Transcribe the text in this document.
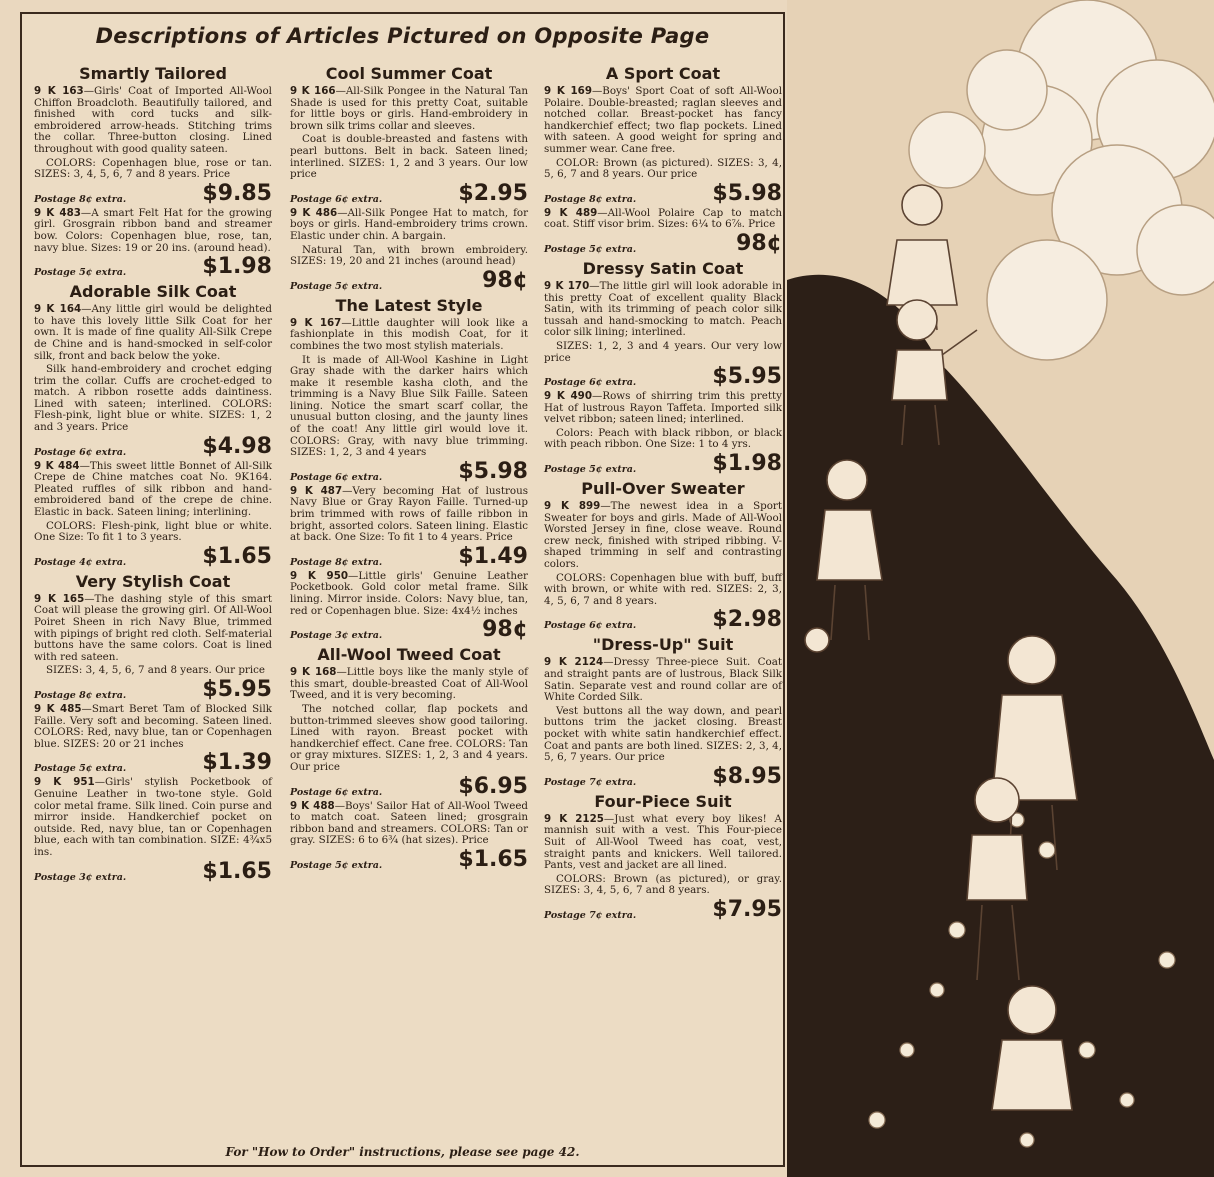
Descriptions of Articles Pictured on Opposite Page
Smartly Tailored
9 K 163—Girls' Coat of Imported All-Wool Chiffon Broadcloth. Beautifully tailored, and finished with cord tucks and silk-embroidered arrow-heads. Stitching trims the collar. Three-button closing. Lined throughout with good quality sateen.
COLORS: Copenhagen blue, rose or tan. SIZES: 3, 4, 5, 6, 7 and 8 years. Price
Postage 8¢ extra.	$9.85
9 K 483—A smart Felt Hat for the growing girl. Grosgrain ribbon band and streamer bow. Colors: Copenhagen blue, rose, tan, navy blue. Sizes: 19 or 20 ins. (around head).
Postage 5¢ extra.	$1.98
Adorable Silk Coat
9 K 164—Any little girl would be delighted to have this lovely little Silk Coat for her own. It is made of fine quality All-Silk Crepe de Chine and is hand-smocked in self-color silk, front and back below the yoke.
Silk hand-embroidery and crochet edging trim the collar. Cuffs are crochet-edged to match. A ribbon rosette adds daintiness. Lined with sateen; interlined. COLORS: Flesh-pink, light blue or white. SIZES: 1, 2 and 3 years. Price
Postage 6¢ extra.	$4.98
9 K 484—This sweet little Bonnet of All-Silk Crepe de Chine matches coat No. 9K164. Pleated ruffles of silk ribbon and hand-embroidered band of the crepe de chine. Elastic in back. Sateen lining; interlining.
COLORS: Flesh-pink, light blue or white. One Size: To fit 1 to 3 years.
Postage 4¢ extra.	$1.65
Very Stylish Coat
9 K 165—The dashing style of this smart Coat will please the growing girl. Of All-Wool Poiret Sheen in rich Navy Blue, trimmed with pipings of bright red cloth. Self-material buttons have the same colors. Coat is lined with red sateen.
SIZES: 3, 4, 5, 6, 7 and 8 years. Our price
Postage 8¢ extra.	$5.95
9 K 485—Smart Beret Tam of Blocked Silk Faille. Very soft and becoming. Sateen lined. COLORS: Red, navy blue, tan or Copenhagen blue. SIZES: 20 or 21 inches
Postage 5¢ extra.	$1.39
9 K 951—Girls' stylish Pocketbook of Genuine Leather in two-tone style. Gold color metal frame. Silk lined. Coin purse and mirror inside. Handkerchief pocket on outside. Red, navy blue, tan or Copenhagen blue, each with tan combination. SIZE: 4¾x5 ins.
Postage 3¢ extra.	$1.65
Cool Summer Coat
9 K 166—All-Silk Pongee in the Natural Tan Shade is used for this pretty Coat, suitable for little boys or girls. Hand-embroidery in brown silk trims collar and sleeves.
Coat is double-breasted and fastens with pearl buttons. Belt in back. Sateen lined; interlined. SIZES: 1, 2 and 3 years. Our low price
Postage 6¢ extra.	$2.95
9 K 486—All-Silk Pongee Hat to match, for boys or girls. Hand-embroidery trims crown. Elastic under chin. A bargain.
Natural Tan, with brown embroidery. SIZES: 19, 20 and 21 inches (around head)
Postage 5¢ extra.	98¢
The Latest Style
9 K 167—Little daughter will look like a fashionplate in this modish Coat, for it combines the two most stylish materials.
It is made of All-Wool Kashine in Light Gray shade with the darker hairs which make it resemble kasha cloth, and the trimming is a Navy Blue Silk Faille. Sateen lining. Notice the smart scarf collar, the unusual button closing, and the jaunty lines of the coat! Any little girl would love it. COLORS: Gray, with navy blue trimming. SIZES: 1, 2, 3 and 4 years
Postage 6¢ extra.	$5.98
9 K 487—Very becoming Hat of lustrous Navy Blue or Gray Rayon Faille. Turned-up brim trimmed with rows of faille ribbon in bright, assorted colors. Sateen lining. Elastic at back. One Size: To fit 1 to 4 years. Price
Postage 8¢ extra.	$1.49
9 K 950—Little girls' Genuine Leather Pocketbook. Gold color metal frame. Silk lining. Mirror inside. Colors: Navy blue, tan, red or Copenhagen blue. Size: 4x4½ inches
Postage 3¢ extra.	98¢
All-Wool Tweed Coat
9 K 168—Little boys like the manly style of this smart, double-breasted Coat of All-Wool Tweed, and it is very becoming.
The notched collar, flap pockets and button-trimmed sleeves show good tailoring. Lined with rayon. Breast pocket with handkerchief effect. Cane free. COLORS: Tan or gray mixtures. SIZES: 1, 2, 3 and 4 years. Our price
Postage 6¢ extra.	$6.95
9 K 488—Boys' Sailor Hat of All-Wool Tweed to match coat. Sateen lined; grosgrain ribbon band and streamers. COLORS: Tan or gray. SIZES: 6 to 6¾ (hat sizes). Price
Postage 5¢ extra.	$1.65
A Sport Coat
9 K 169—Boys' Sport Coat of soft All-Wool Polaire. Double-breasted; raglan sleeves and notched collar. Breast-pocket has fancy handkerchief effect; two flap pockets. Lined with sateen. A good weight for spring and summer wear. Cane free.
COLOR: Brown (as pictured). SIZES: 3, 4, 5, 6, 7 and 8 years. Our price
Postage 8¢ extra.	$5.98
9 K 489—All-Wool Polaire Cap to match coat. Stiff visor brim. Sizes: 6¼ to 6⅞. Price
Postage 5¢ extra.	98¢
Dressy Satin Coat
9 K 170—The little girl will look adorable in this pretty Coat of excellent quality Black Satin, with its trimming of peach color silk tussah and hand-smocking to match. Peach color silk lining; interlined.
SIZES: 1, 2, 3 and 4 years. Our very low price
Postage 6¢ extra.	$5.95
9 K 490—Rows of shirring trim this pretty Hat of lustrous Rayon Taffeta. Imported silk velvet ribbon; sateen lined; interlined.
Colors: Peach with black ribbon, or black with peach ribbon. One Size: 1 to 4 yrs.
Postage 5¢ extra.	$1.98
Pull-Over Sweater
9 K 899—The newest idea in a Sport Sweater for boys and girls. Made of All-Wool Worsted Jersey in fine, close weave. Round crew neck, finished with striped ribbing. V-shaped trimming in self and contrasting colors.
COLORS: Copenhagen blue with buff, buff with brown, or white with red. SIZES: 2, 3, 4, 5, 6, 7 and 8 years.
Postage 6¢ extra.	$2.98
"Dress-Up" Suit
9 K 2124—Dressy Three-piece Suit. Coat and straight pants are of lustrous, Black Silk Satin. Separate vest and round collar are of White Corded Silk.
Vest buttons all the way down, and pearl buttons trim the jacket closing. Breast pocket with white satin handkerchief effect. Coat and pants are both lined. SIZES: 2, 3, 4, 5, 6, 7 years. Our price
Postage 7¢ extra.	$8.95
Four-Piece Suit
9 K 2125—Just what every boy likes! A mannish suit with a vest. This Four-piece Suit of All-Wool Tweed has coat, vest, straight pants and knickers. Well tailored. Pants, vest and jacket are all lined.
COLORS: Brown (as pictured), or gray. SIZES: 3, 4, 5, 6, 7 and 8 years.
Postage 7¢ extra.	$7.95
For "How to Order" instructions, please see page 42.
